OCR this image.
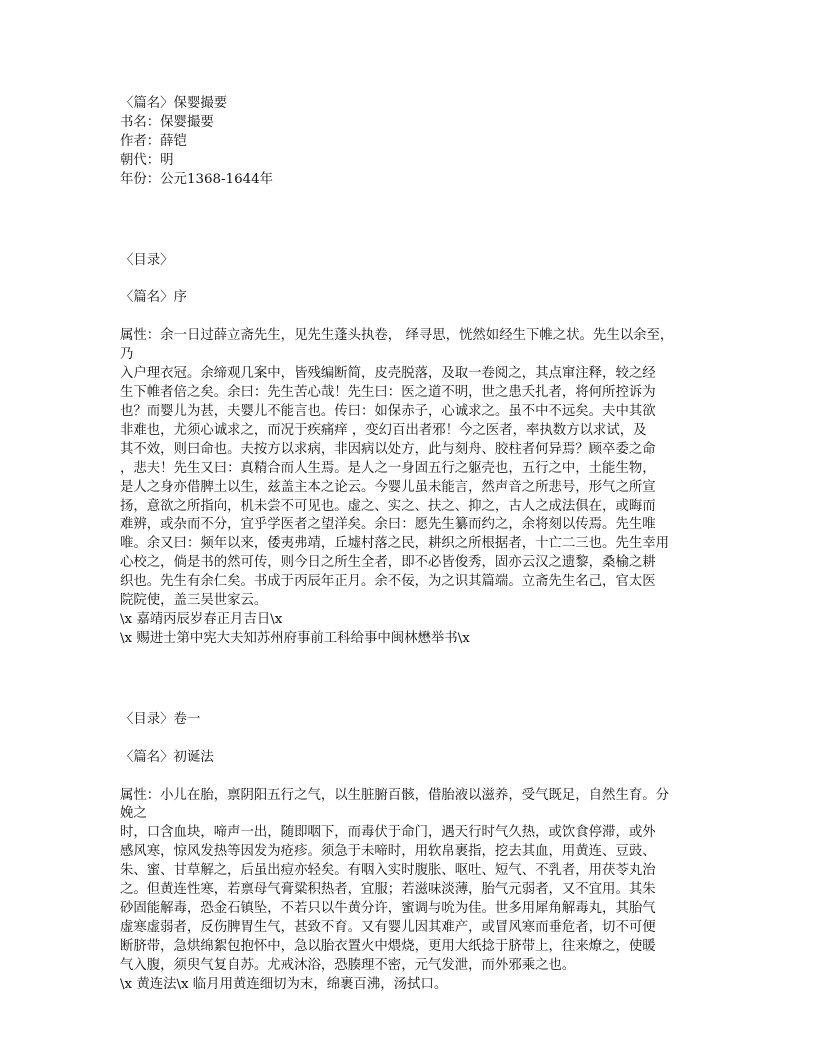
〈篇名〉保婴撮要
书名：保婴撮要
作者：薛铠
朝代：明
年份：公元1368-1644年
〈目录〉
〈篇名〉序
属性：余一日过薛立斋先生，见先生蓬头执卷， 绎寻思，恍然如经生下帷之状。先生以余至，
乃
入户理衣冠。余缔观几案中，皆残编断简，皮壳脱落，及取一卷阅之，其点窜注释，较之经
生下帷者倍之矣。余曰：先生苦心哉！先生曰：医之道不明，世之患夭扎者，将何所控诉为
也？而婴儿为甚，夫婴儿不能言也。传曰：如保赤子，心诚求之。虽不中不远矣。夫中其欲
非难也，尤须心诚求之，而况于疾痛痒 ，变幻百出者邪！今之医者，率执数方以求试，及
其不效，则曰命也。夫按方以求病，非因病以处方，此与刻舟、胶柱者何异焉？顾卒委之命
，悲夫！先生又曰：真精合而人生焉。是人之一身固五行之躯壳也，五行之中，土能生物，
是人之身亦借脾土以生，兹盖主本之论云。今婴儿虽未能言，然声音之所悲号，形气之所宣
扬，意欲之所指向，机未尝不可见也。虚之、实之、扶之、抑之，古人之成法俱在，或晦而
难辨，或杂而不分，宜乎学医者之望洋矣。余曰：愿先生纂而约之，余将刻以传焉。先生唯
唯。余又曰：频年以来，倭夷弗靖，丘墟村落之民，耕织之所根据者，十亡二三也。先生幸用
心校之，倘是书的然可传，则今日之所生全者，即不必皆俊秀，固亦云汉之遗黎，桑榆之耕
织也。先生有余仁矣。书成于丙辰年正月。余不佞，为之识其篇端。立斋先生名己，官太医
院院使，盖三吴世家云。
\x 嘉靖丙辰岁春正月吉日\x
\x 赐进士第中宪大夫知苏州府事前工科给事中闽林懋举书\x
〈目录〉卷一
〈篇名〉初诞法
属性：小儿在胎，禀阴阳五行之气，以生脏腑百骸，借胎液以滋养，受气既足，自然生育。分
娩之
时，口含血块，啼声一出，随即咽下，而毒伏于命门，遇天行时气久热，或饮食停滞，或外
感风寒，惊风发热等因发为疮疹。须急于未啼时，用软帛裹指，挖去其血，用黄连、豆豉、
朱、蜜、甘草解之，后虽出痘亦轻矣。有咽入实时腹胀、呕吐、短气、不乳者，用茯苓丸治
之。但黄连性寒，若禀母气膏粱积热者，宜服；若滋味淡薄，胎气元弱者，又不宜用。其朱
砂固能解毒，恐金石镇坠，不若只以牛黄分许，蜜调与吮为佳。世多用犀角解毒丸，其胎气
虚寒虚弱者，反伤脾胃生气，甚致不育。又有婴儿因其难产，或冒风寒而垂危者，切不可便
断脐带，急烘绵絮包抱怀中，急以胎衣置火中煨烧，更用大纸捻于脐带上，往来燎之，使暖
气入腹，须臾气复自苏。尤戒沐浴，恐腠理不密，元气发泄，而外邪乘之也。
\x 黄连法\x 临月用黄连细切为末，绵裹百沸，汤拭口。
